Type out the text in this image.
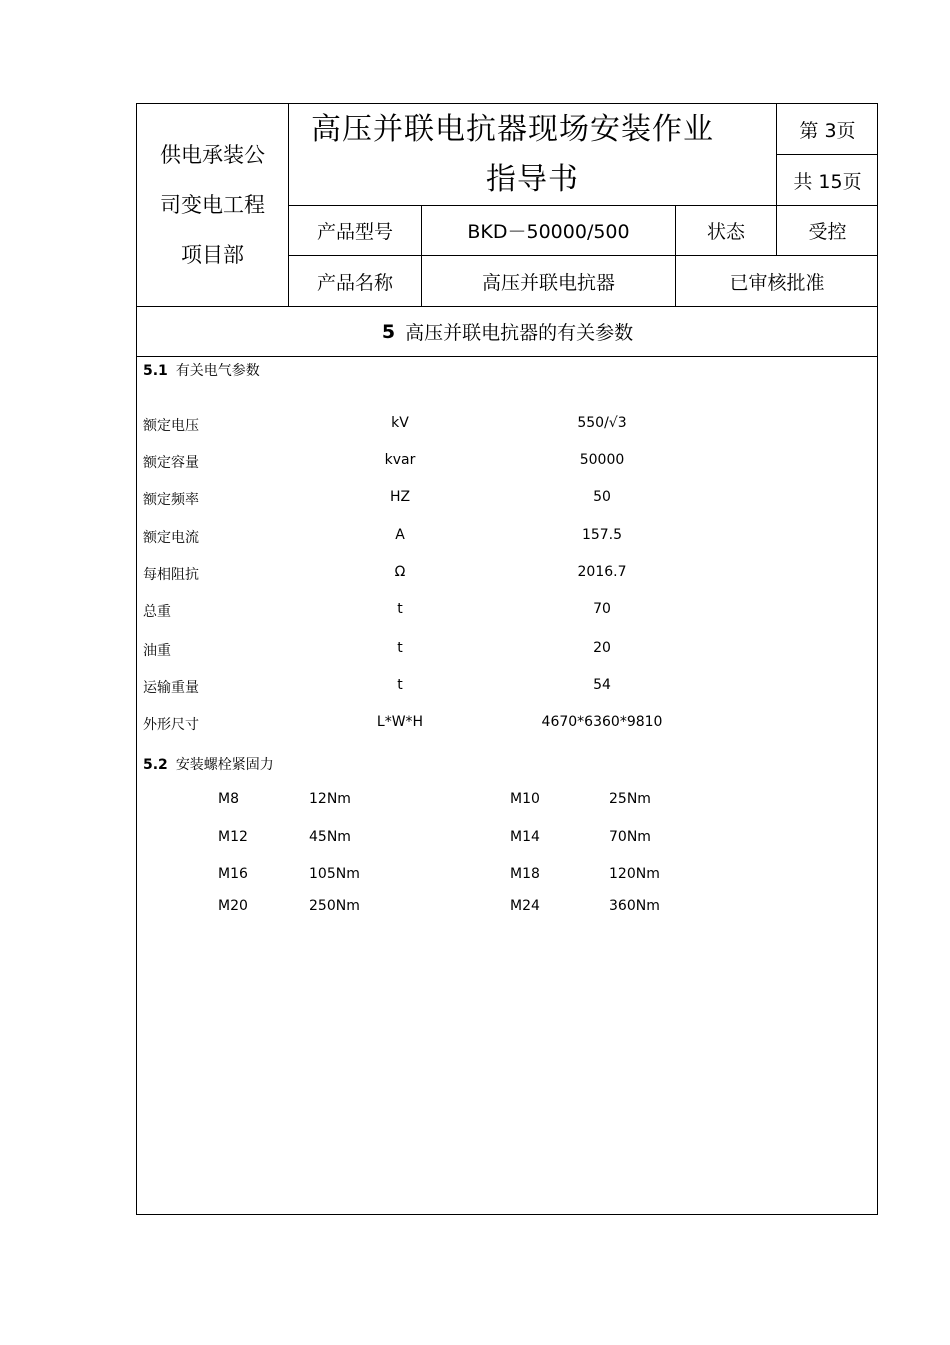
供电承装公
司变电工程
项目部
高压并联电抗器现场安装作业
指导书
第 3页
共 15页
产品型号	BKD－50000/500	状态	受控
产品名称	高压并联电抗器	已审核批准
5 高压并联电抗器的有关参数
5.1 有关电气参数
额定电压	kV	550/√3
额定容量	kvar	50000
额定频率	HZ	50
额定电流	A	157.5
每相阻抗	Ω	2016.7
总重	t	70
油重	t	20
运输重量	t	54
外形尺寸	L*W*H	4670*6360*9810
5.2 安装螺栓紧固力
M8	12Nm	M10	25Nm
M12	45Nm	M14	70Nm
M16	105Nm	M18	120Nm
M20	250Nm	M24	360Nm
